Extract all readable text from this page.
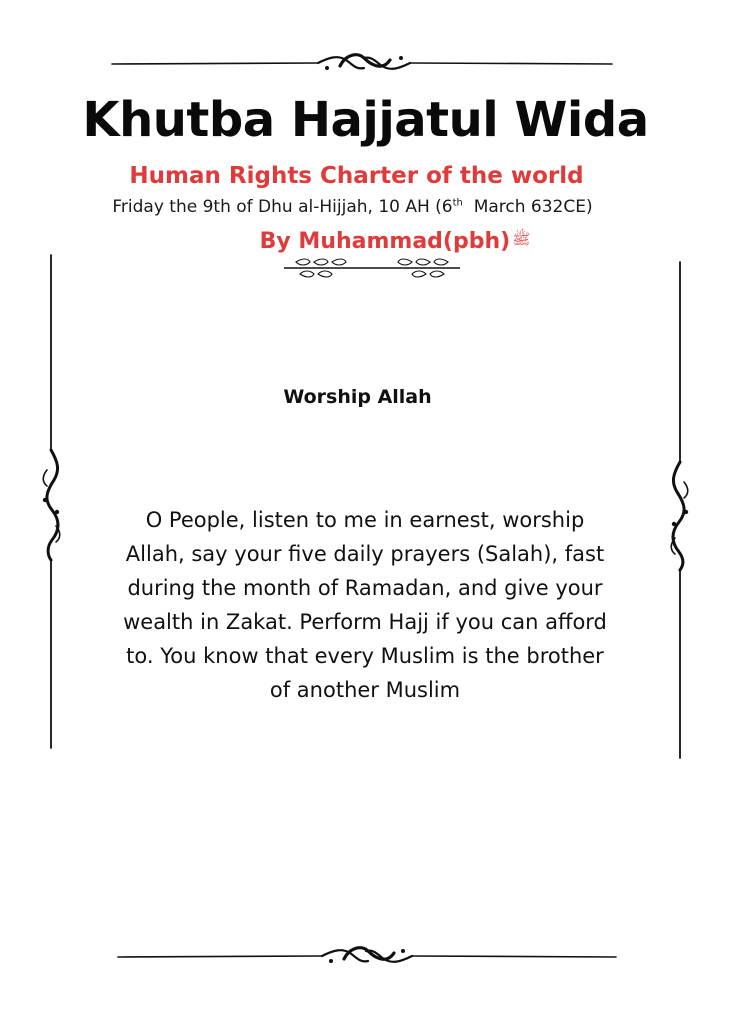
Khutba Hajjatul Wida
Human Rights Charter of the world
Friday the 9th of Dhu al-Hijjah, 10 AH (6th  March 632CE)
By Muhammad(pbh) ﷺ
Worship Allah

O People, listen to me in earnest, worship Allah, say your five daily prayers (Salah), fast during the month of Ramadan, and give your wealth in Zakat. Perform Hajj if you can afford to. You know that every Muslim is the brother of another Muslim
